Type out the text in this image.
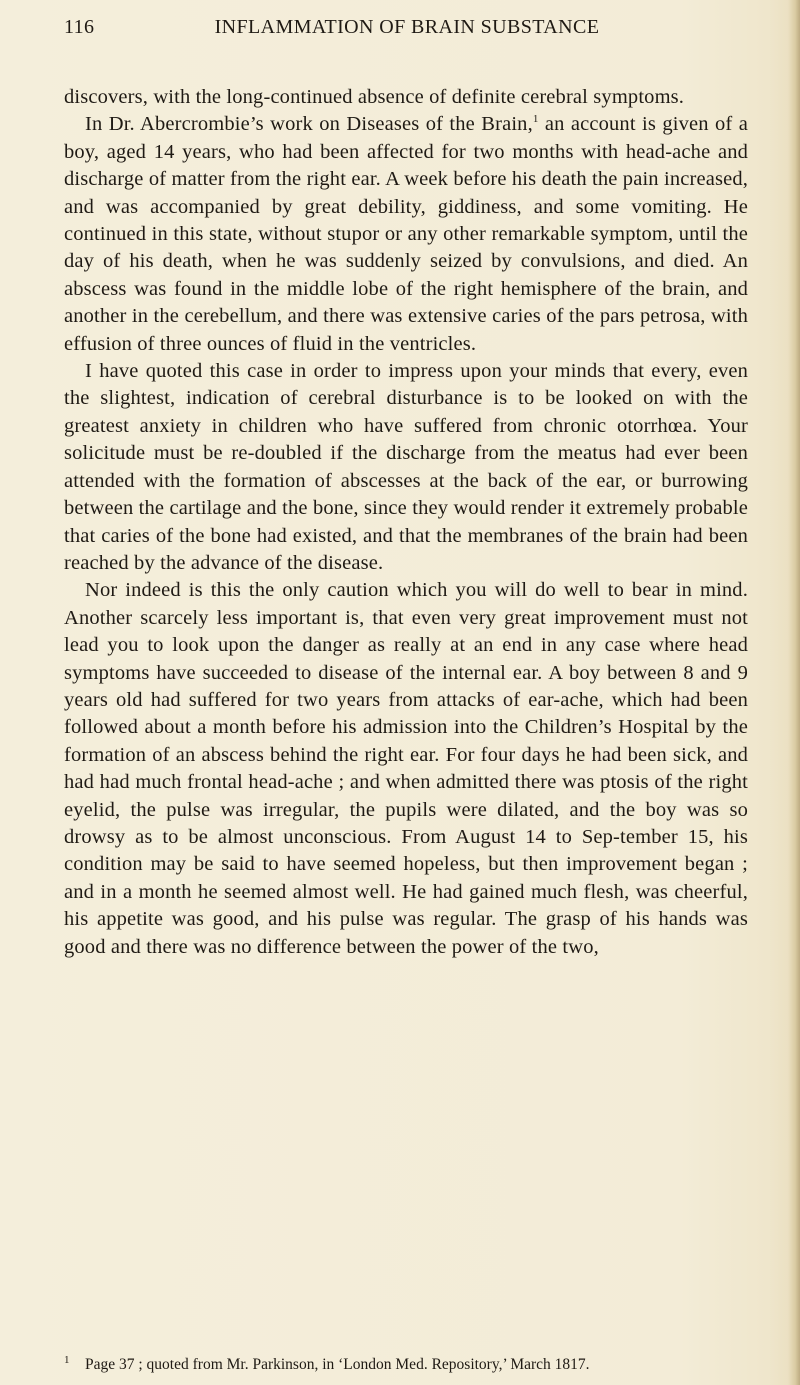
116	INFLAMMATION OF BRAIN SUBSTANCE

discovers, with the long-continued absence of definite cerebral symptoms.

In Dr. Abercrombie’s work on Diseases of the Brain,$^1$ an account is given of a boy, aged 14 years, who had been affected for two months with head-ache and discharge of matter from the right ear. A week before his death the pain increased, and was accompanied by great debility, giddiness, and some vomiting. He continued in this state, without stupor or any other remarkable symptom, until the day of his death, when he was suddenly seized by convulsions, and died. An abscess was found in the middle lobe of the right hemisphere of the brain, and another in the cerebellum, and there was extensive caries of the pars petrosa, with effusion of three ounces of fluid in the ventricles.

I have quoted this case in order to impress upon your minds that every, even the slightest, indication of cerebral disturbance is to be looked on with the greatest anxiety in children who have suffered from chronic otorrhœa. Your solicitude must be re-doubled if the discharge from the meatus had ever been attended with the formation of abscesses at the back of the ear, or burrowing between the cartilage and the bone, since they would render it extremely probable that caries of the bone had existed, and that the membranes of the brain had been reached by the advance of the disease.

Nor indeed is this the only caution which you will do well to bear in mind. Another scarcely less important is, that even very great improvement must not lead you to look upon the danger as really at an end in any case where head symptoms have succeeded to disease of the internal ear. A boy between 8 and 9 years old had suffered for two years from attacks of ear-ache, which had been followed about a month before his admission into the Children’s Hospital by the formation of an abscess behind the right ear. For four days he had been sick, and had had much frontal head-ache ; and when admitted there was ptosis of the right eyelid, the pulse was irregular, the pupils were dilated, and the boy was so drowsy as to be almost unconscious. From August 14 to Sep-tember 15, his condition may be said to have seemed hopeless, but then improvement began ; and in a month he seemed almost well. He had gained much flesh, was cheerful, his appetite was good, and his pulse was regular. The grasp of his hands was good and there was no difference between the power of the two,

1 Page 37 ; quoted from Mr. Parkinson, in ‘London Med. Repository,’ March 1817.
